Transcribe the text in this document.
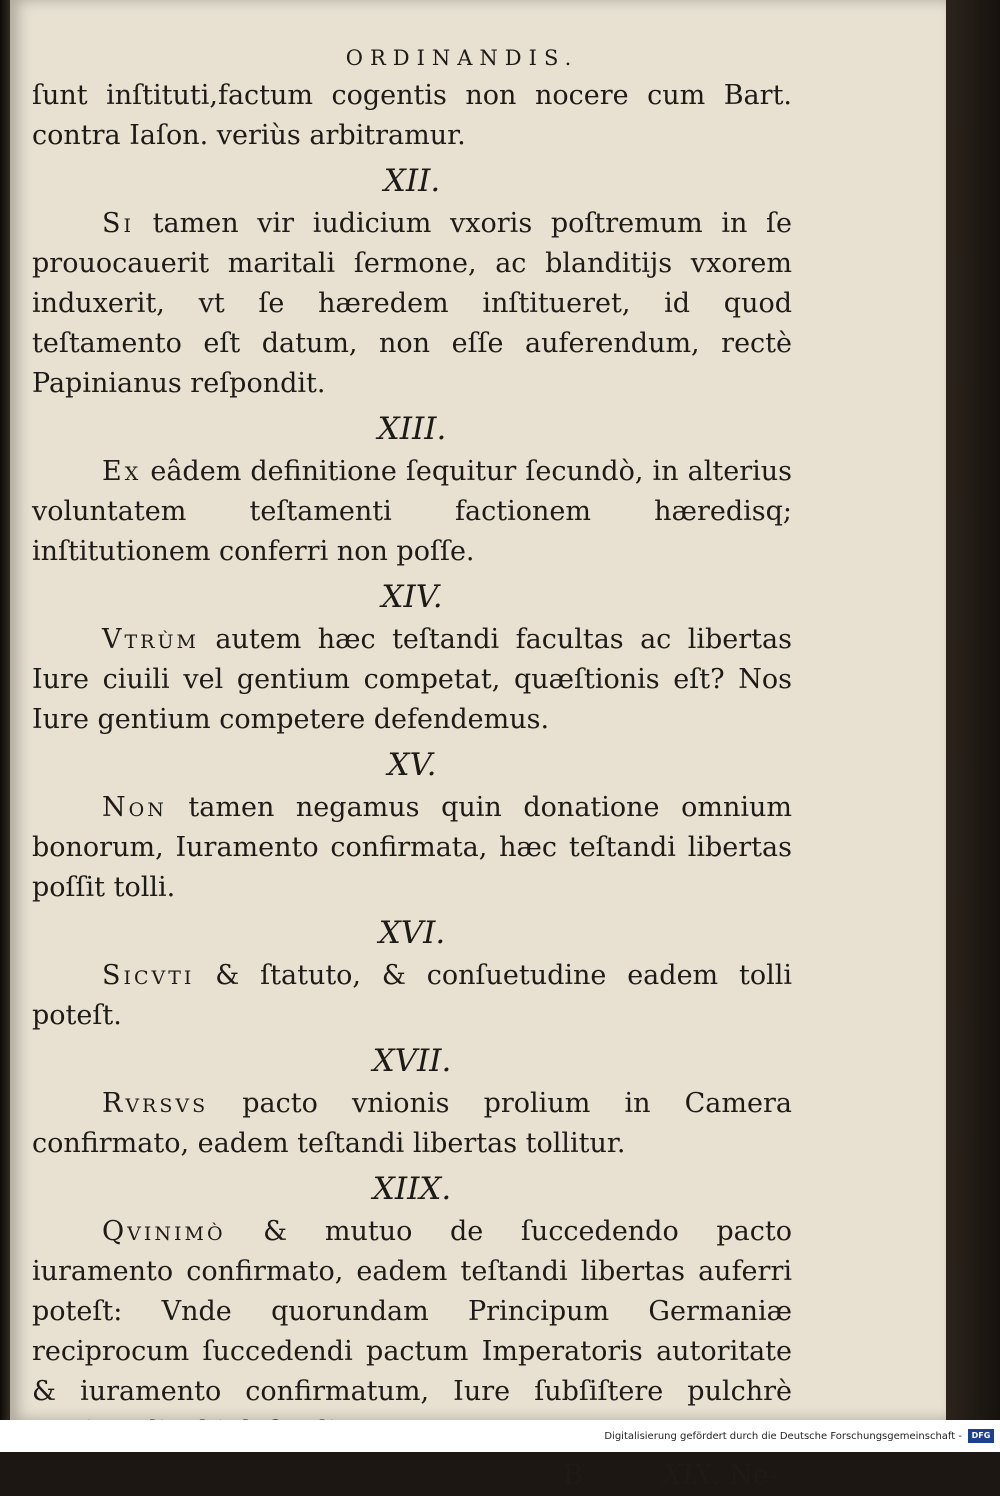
ORDINANDIS.

ſunt inſtituti,factum cogentis non nocere cum Bart. contra Iaſon. veriùs arbitramur.

XII.

Si tamen vir iudicium vxoris poſtremum in ſe prouocauerit maritali ſermone, ac blanditijs vxorem induxerit, vt ſe hæredem inſtitueret, id quod teſtamento eſt datum, non eſſe auferendum, rectè Papinianus reſpondit.

XIII.

Ex eâdem definitione ſequitur ſecundò, in alterius voluntatem teſtamenti factionem hæredisq; inſtitutionem conferri non poſſe.

XIV.

Vtrùm autem hæc teſtandi facultas ac libertas Iure ciuili vel gentium competat, quæſtionis eſt? Nos Iure gentium competere defendemus.

XV.

Non tamen negamus quin donatione omnium bonorum, Iuramento confirmata, hæc teſtandi libertas poſſit tolli.

XVI.

Sicvti & ſtatuto, & conſuetudine eadem tolli poteſt.

XVII.

Rvrsvs pacto vnionis prolium in Camera confirmato, eadem teſtandi libertas tollitur.

XIIX.

Qvinimò & mutuo de ſuccedendo pacto iuramento confirmato, eadem teſtandi libertas auferri poteſt: Vnde quorundam Principum Germaniæ reciprocum ſuccedendi pactum Imperatoris autoritate & iuramento confirmatum, Iure ſubſiſtere pulchrè

B	XIX. Ne-
Digitalisierung gefördert durch die Deutsche Forschungsgemeinschaft -	DFG
